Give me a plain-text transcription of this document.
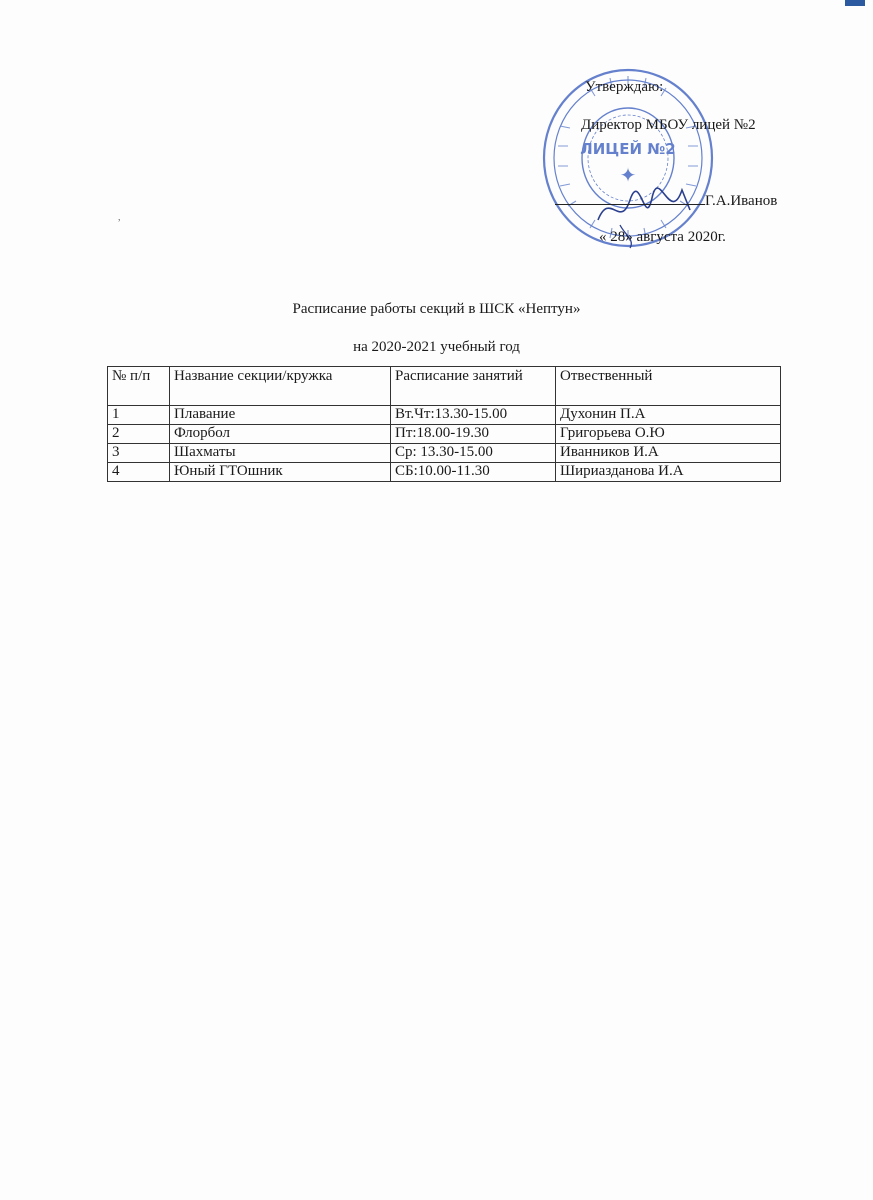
ЛИЦЕЙ №2
✦
Утверждаю:
Директор МБОУ лицей №2
Г.А.Иванов
« 28» августа 2020г.
,
Расписание работы секций в ШСК «Нептун»
на 2020-2021 учебный год
№ п/п	Название секции/кружка	Расписание занятий	Отвественный
1	Плавание	Вт.Чт:13.30-15.00	Духонин П.А
2	Флорбол	Пт:18.00-19.30	Григорьева О.Ю
3	Шахматы	Ср: 13.30-15.00	Иванников И.А
4	Юный ГТОшник	СБ:10.00-11.30	Шириазданова И.А
